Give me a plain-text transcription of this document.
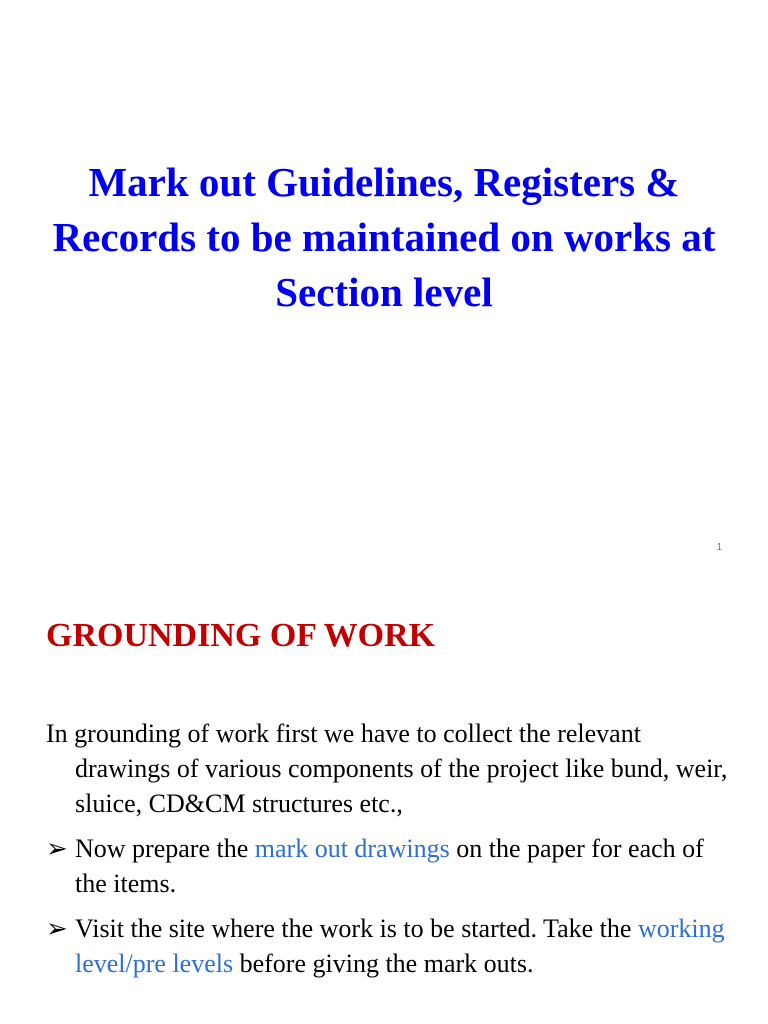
Mark out Guidelines, Registers & Records to be maintained on works at Section level
1
GROUNDING OF WORK

In grounding of work first we have to collect the relevant drawings of various components of the project like bund, weir, sluice, CD&CM structures etc.,

➢ Now prepare the mark out drawings on the paper for each of the items.

➢ Visit the site where the work is to be started. Take the working level/pre levels before giving the mark outs.
